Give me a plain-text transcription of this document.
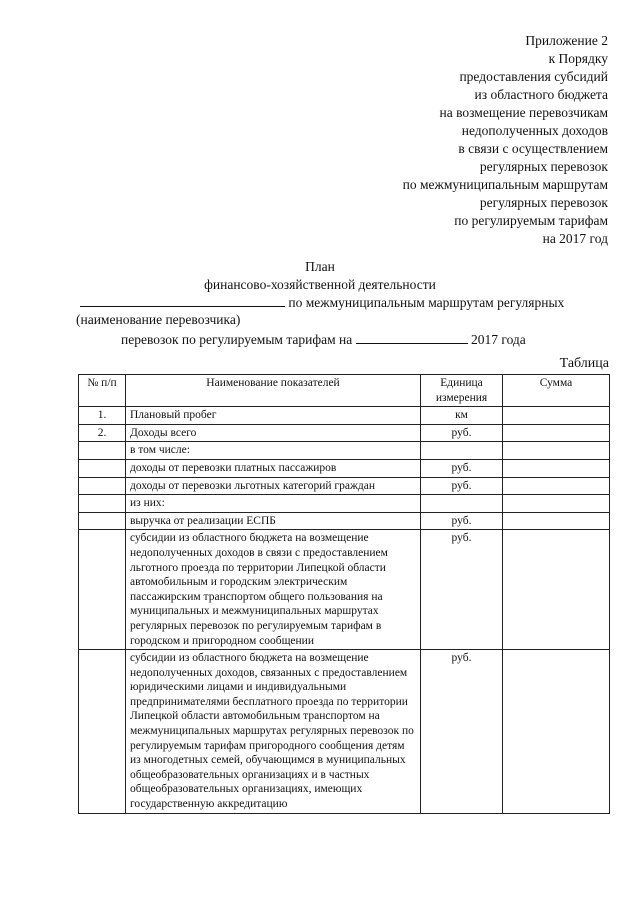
Приложение 2
к Порядку
предоставления субсидий
из областного бюджета
на возмещение перевозчикам
недополученных доходов
в связи с осуществлением
регулярных перевозок
по межмуниципальным маршрутам
регулярных перевозок
по регулируемым тарифам
на 2017 год
План
финансово-хозяйственной деятельности
по межмуниципальным маршрутам регулярных
(наименование перевозчика)
перевозок по регулируемым тарифам на	2017 года
Таблица
№ п/п	Наименование показателей	Единица измерения	Сумма
1.	Плановый пробег	км	
2.	Доходы всего	руб.	
	в том числе:		
	доходы от перевозки платных пассажиров	руб.	
	доходы от перевозки льготных категорий граждан	руб.	
	из них:		
	выручка от реализации ЕСПБ	руб.	
	субсидии из областного бюджета на возмещение недополученных доходов в связи с предоставлением льготного проезда по территории Липецкой области автомобильным и городским электрическим пассажирским транспортом общего пользования на муниципальных и межмуниципальных маршрутах регулярных перевозок по регулируемым тарифам в городском и пригородном сообщении	руб.	
	субсидии из областного бюджета на возмещение недополученных доходов, связанных с предоставлением юридическими лицами и индивидуальными предпринимателями бесплатного проезда по территории Липецкой области автомобильным транспортом на межмуниципальных маршрутах регулярных перевозок по регулируемым тарифам пригородного сообщения детям из многодетных семей, обучающимся в муниципальных общеобразовательных организациях и в частных общеобразовательных организациях, имеющих государственную аккредитацию	руб.	
